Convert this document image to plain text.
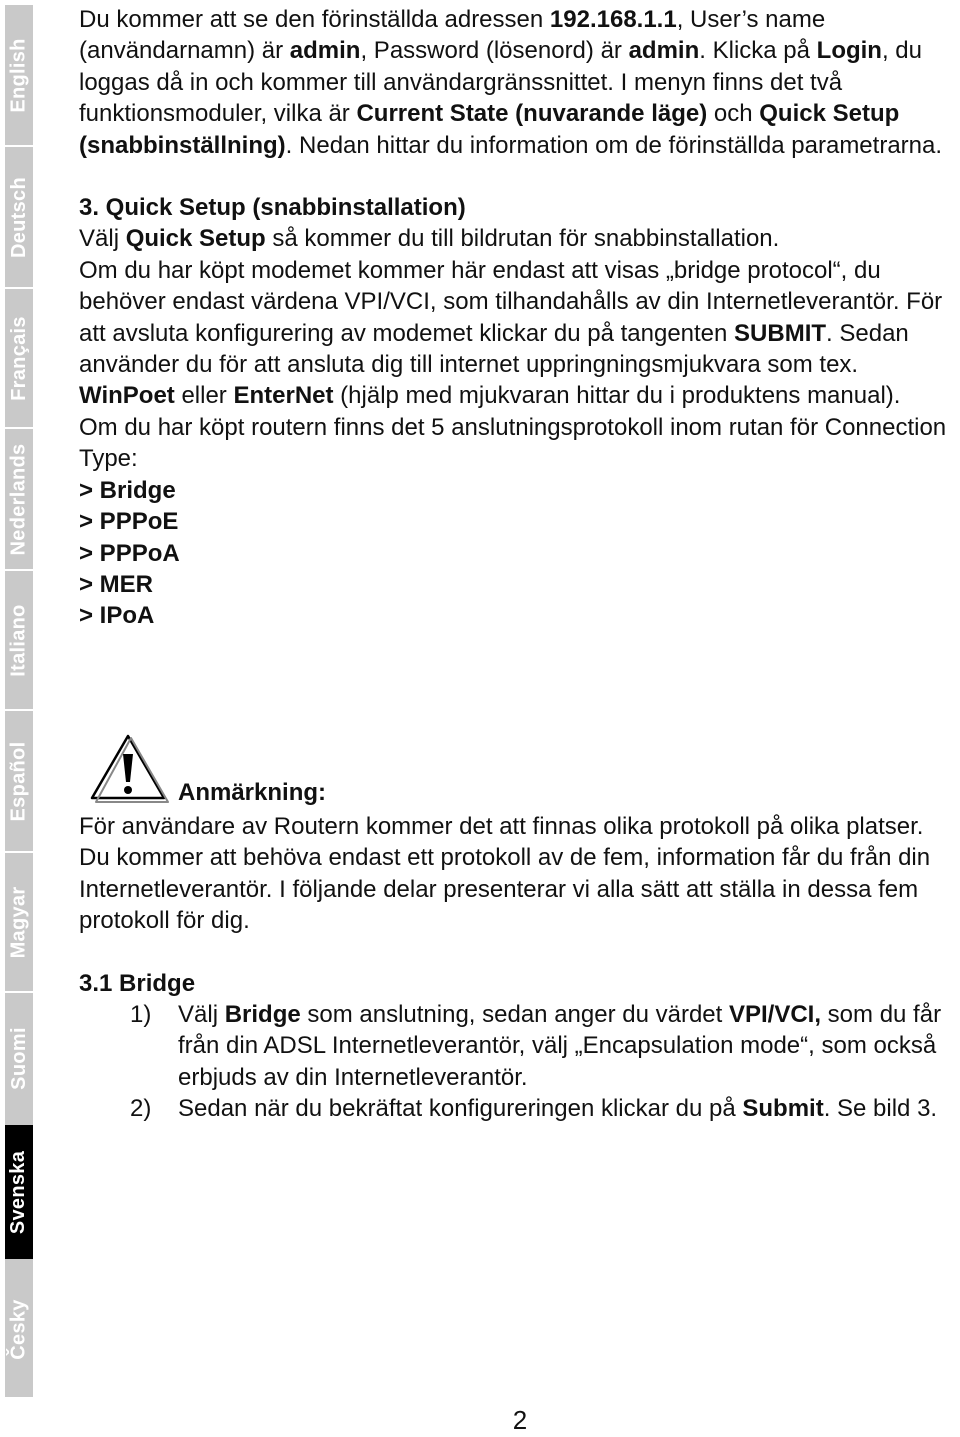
English
Deutsch
Français
Nederlands
Italiano
Español
Magyar
Suomi
Svenska
Česky

Du kommer att se den förinställda adressen 192.168.1.1, User’s name (användarnamn) är admin, Password (lösenord) är admin. Klicka på Login, du loggas då in och kommer till användargränssnittet. I menyn finns det två funktionsmoduler, vilka är Current State (nuvarande läge) och Quick Setup (snabbinställning). Nedan hittar du information om de förinställda parametrarna.

3. Quick Setup (snabbinstallation)

Välj Quick Setup så kommer du till bildrutan för snabbinstallation.

Om du har köpt modemet kommer här endast att visas „bridge protocol“, du behöver endast värdena VPI/VCI, som tilhandahålls av din Internetleverantör. För att avsluta konfigurering av modemet klickar du på tangenten SUBMIT. Sedan använder du för att ansluta dig till internet uppringningsmjukvara som tex. WinPoet eller EnterNet (hjälp med mjukvaran hittar du i produktens manual).

Om du har köpt routern finns det 5 anslutningsprotokoll inom rutan för Connection Type:

> Bridge

> PPPoE

> PPPoA

> MER

> IPoA

Anmärkning:

För användare av Routern kommer det att finnas olika protokoll på olika platser. Du kommer att behöva endast ett protokoll av de fem, information får du från din Internetleverantör. I följande delar presenterar vi alla sätt att ställa in dessa fem protokoll för dig.

3.1 Bridge

1) Välj Bridge som anslutning, sedan anger du värdet VPI/VCI, som du får från din ADSL Internetleverantör, välj „Encapsulation mode“, som också erbjuds av din Internetleverantör.
2) Sedan när du bekräftat konfigureringen klickar du på Submit. Se bild 3.
2
